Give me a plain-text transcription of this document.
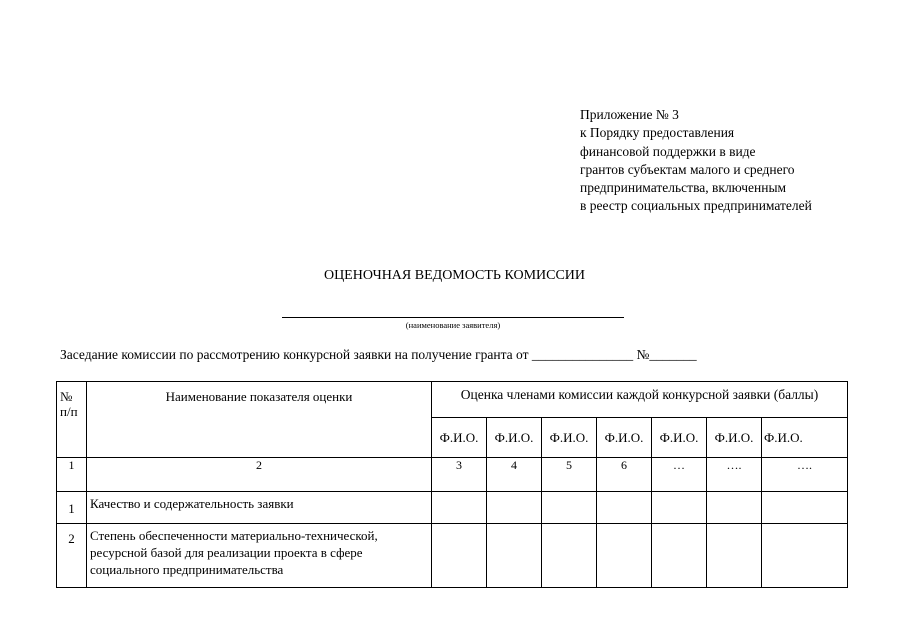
Приложение № 3
к Порядку предоставления
финансовой поддержки в виде
грантов субъектам малого и среднего
предпринимательства, включенным
в реестр социальных предпринимателей
ОЦЕНОЧНАЯ ВЕДОМОСТЬ КОМИССИИ
(наименование заявителя)
Заседание комиссии по рассмотрению конкурсной заявки на получение гранта от _______________ №_______
№
п/п	Наименование показателя оценки	Оценка членами комиссии каждой конкурсной заявки (баллы)						
		Ф.И.О.	Ф.И.О.	Ф.И.О.	Ф.И.О.	Ф.И.О.	Ф.И.О.	Ф.И.О.
1	2	3	4	5	6	…	….	….
1	Качество и содержательность заявки							

2	Степень обеспеченности материально-технической,
ресурсной базой для реализации проекта в сфере
социального предпринимательства							
